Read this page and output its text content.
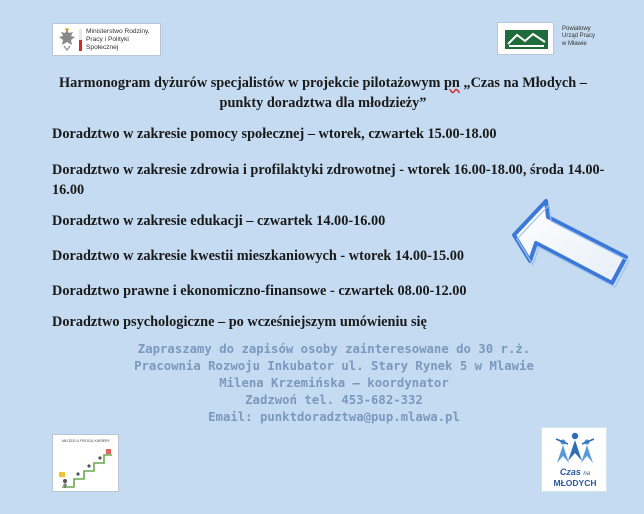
Ministerstwo Rodziny,
Pracy i Polityki Społecznej
Powiatowy
Urząd Pracy
w Mławie
Harmonogram dyżurów specjalistów w projekcie pilotażowym pn „Czas na Młodych – punkty doradztwa dla młodzieży”
Doradztwo w zakresie pomocy społecznej – wtorek, czwartek 15.00-18.00
Doradztwo w zakresie zdrowia i profilaktyki zdrowotnej - wtorek 16.00-18.00, środa 14.00-16.00
Doradztwo w zakresie edukacji – czwartek 14.00-16.00
Doradztwo w zakresie kwestii mieszkaniowych - wtorek 14.00-15.00
Doradztwo prawne i ekonomiczno-finansowe - czwartek 08.00-12.00
Doradztwo psychologiczne – po wcześniejszym umówieniu się
Zapraszamy do zapisów osoby zainteresowane do 30 r.ż.
Pracownia Rozwoju Inkubator ul. Stary Rynek 5 w Mlawie
Milena Krzemińska – koordynator
Zadzwoń tel. 453-682-332
Email: punktdoradztwa@pup.mlawa.pl
MŁODZI U PROGU KARIERY
Czas na
MŁODYCH
